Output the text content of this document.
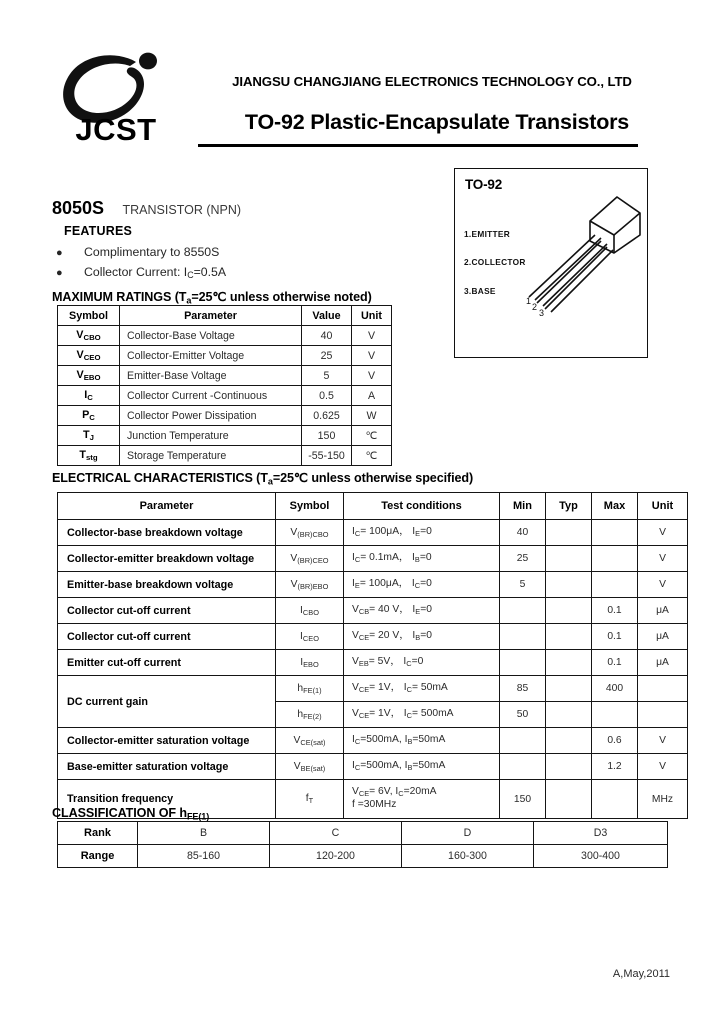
JCST
JIANGSU CHANGJIANG ELECTRONICS TECHNOLOGY CO., LTD
TO-92 Plastic-Encapsulate Transistors
8050S TRANSISTOR (NPN)
FEATURES
● Complimentary to 8550S
● Collector Current: $I_C=0.5A$
TO-92
1.EMITTER
2.COLLECTOR
3.BASE
1
2
3
MAXIMUM RATINGS ($T_a=25℃$ unless otherwise noted)
Symbol	Parameter	Value	Unit
$V_{CBO}$	Collector-Base Voltage	40	V
$V_{CEO}$	Collector-Emitter Voltage	25	V
$V_{EBO}$	Emitter-Base Voltage	5	V
$I_C$	Collector Current -Continuous	0.5	A
$P_C$	Collector Power Dissipation	0.625	W
$T_J$	Junction Temperature	150	℃
$T_{stg}$	Storage Temperature	-55-150	℃
ELECTRICAL CHARACTERISTICS ($T_a=25℃$ unless otherwise specified)
Parameter	Symbol	Test conditions	Min	Typ	Max	Unit
Collector-base breakdown voltage	$V_{(BR)CBO}$	$I_C= 100\mu A$， $I_E=0$	40			V
Collector-emitter breakdown voltage	$V_{(BR)CEO}$	$I_C= 0.1mA$， $I_B=0$	25			V
Emitter-base breakdown voltage	$V_{(BR)EBO}$	$I_E= 100\mu A$， $I_C=0$	5			V
Collector cut-off current	$I_{CBO}$	$V_{CB}= 40$ V， $I_E=0$			0.1	μA
Collector cut-off current	$I_{CEO}$	$V_{CE}= 20$ V， $I_B=0$			0.1	μA
Emitter cut-off current	$I_{EBO}$	$V_{EB}= 5V$， $I_C=0$			0.1	μA
DC current gain	$h_{FE(1)}$	$V_{CE}= 1V$， $I_C= 50mA$	85		400	
	$h_{FE(2)}$	$V_{CE}= 1V$， $I_C= 500mA$	50			
Collector-emitter saturation voltage	$V_{CE(sat)}$	$I_C=500mA$, $I_B=50mA$			0.6	V
Base-emitter saturation voltage	$V_{BE(sat)}$	$I_C=500mA$, $I_B=50mA$			1.2	V
Transition frequency	$f_T$	$V_{CE}= 6V$, $I_C=20mA$
f =30MHz	150			MHz
CLASSIFICATION OF $h_{FE(1)}$
Rank	B	C	D	D3
Range	85-160	120-200	160-300	300-400
A,May,2011
